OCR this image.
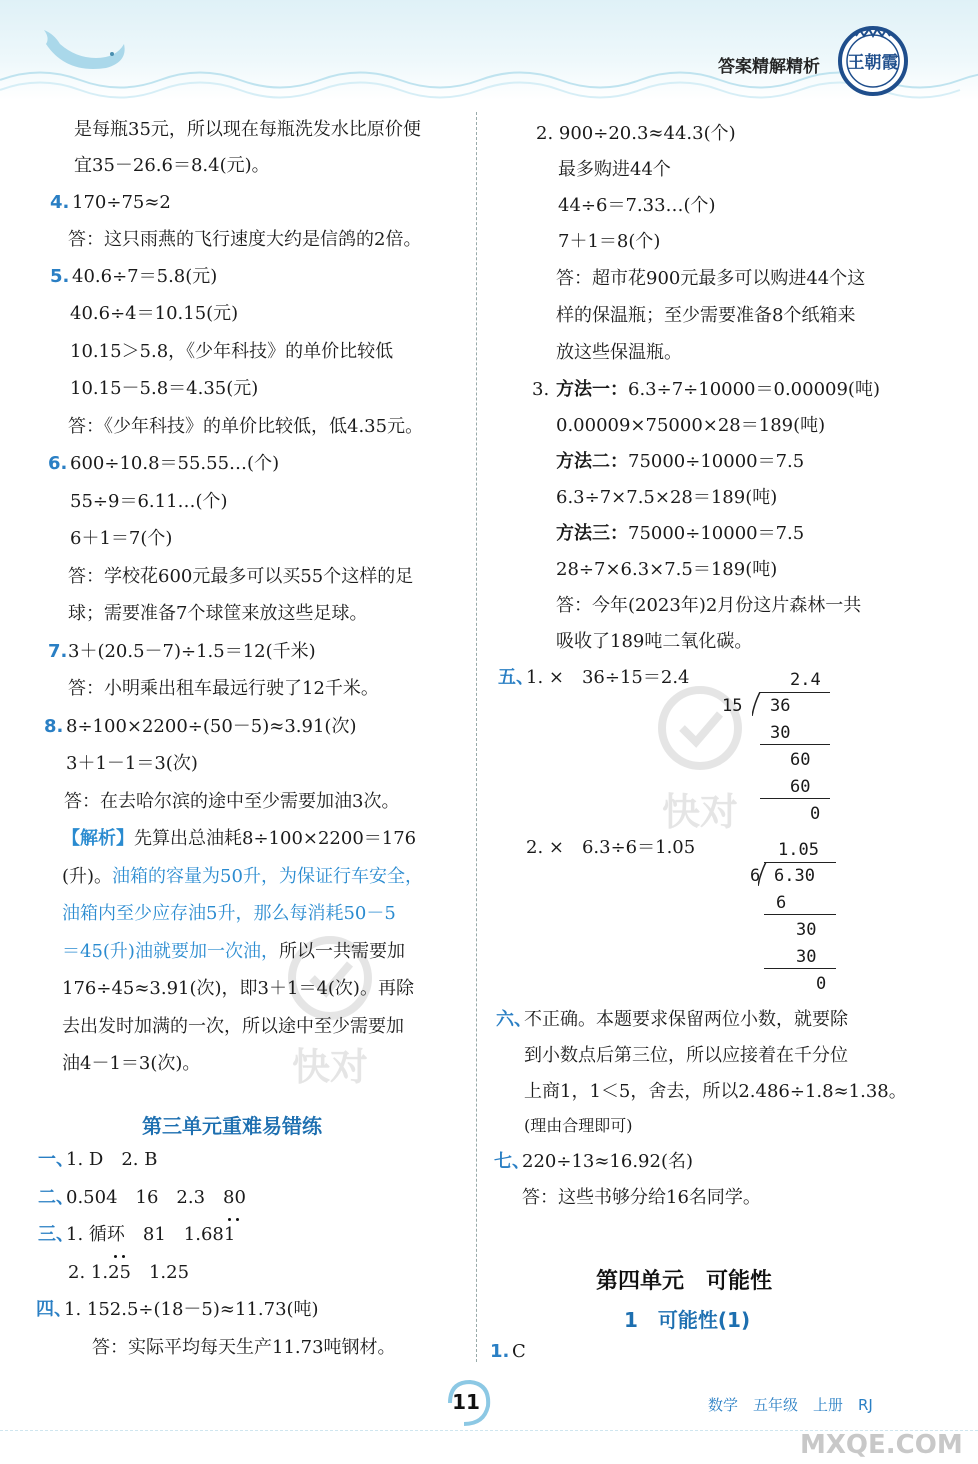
答案精解精析 王朝霞
快对
快对
是每瓶35元，所以现在每瓶洗发水比原价便
宜35－26.6＝8.4(元)。
4. 170÷75≈2
答：这只雨燕的飞行速度大约是信鸽的2倍。
5. 40.6÷7＝5.8(元)
40.6÷4＝10.15(元)
10.15＞5.8，《少年科技》的单价比较低
10.15－5.8＝4.35(元)
答：《少年科技》的单价比较低，低4.35元。
6. 600÷10.8＝55.55…(个)
55÷9＝6.11…(个)
6＋1＝7(个)
答：学校花600元最多可以买55个这样的足
球；需要准备7个球筐来放这些足球。
7. 3＋(20.5－7)÷1.5＝12(千米)
答：小明乘出租车最远行驶了12千米。
8. 8÷100×2200÷(50－5)≈3.91(次)
3＋1－1＝3(次)
答：在去哈尔滨的途中至少需要加油3次。
【解析】先算出总油耗8÷100×2200＝176
(升)。油箱的容量为50升，为保证行车安全，
油箱内至少应存油5升，那么每消耗50－5
＝45(升)油就要加一次油，所以一共需要加
176÷45≈3.91(次)，即3＋1＝4(次)。再除
去出发时加满的一次，所以途中至少需要加
油4－1＝3(次)。
第三单元重难易错练
一、
1. D　2. B
二、
0.504　16　2.3　80
三、
1. 循环　81　1.681
2. 1.25　1.25
四、
1. 152.5÷(18－5)≈11.73(吨)
答：实际平均每天生产11.73吨钢材。
2. 900÷20.3≈44.3(个)
最多购进44个
44÷6＝7.33…(个)
7＋1＝8(个)
答：超市花900元最多可以购进44个这
样的保温瓶；至少需要准备8个纸箱来
放这些保温瓶。
3. 方法一：6.3÷7÷10000＝0.00009(吨)
0.00009×75000×28＝189(吨)
方法二：75000÷10000＝7.5
6.3÷7×7.5×28＝189(吨)
方法三：75000÷10000＝7.5
28÷7×6.3×7.5＝189(吨)
答：今年(2023年)2月份这片森林一共
吸收了189吨二氧化碳。
五、
1. ×　36÷15＝2.4	2.4
15 36
30
60
60
0
2. ×　6.3÷6＝1.05	1.05
6 6.30
6
30
30
0
六、
不正确。本题要求保留两位小数，就要除
到小数点后第三位，所以应接着在千分位
上商1，1＜5，舍去，所以2.486÷1.8≈1.38。
(理由合理即可)
七、
220÷13≈16.92(名)
答：这些书够分给16名同学。
第四单元　可能性
1　可能性(1)
1. C
11	数学　五年级　上册　RJ
MXQE.COM
